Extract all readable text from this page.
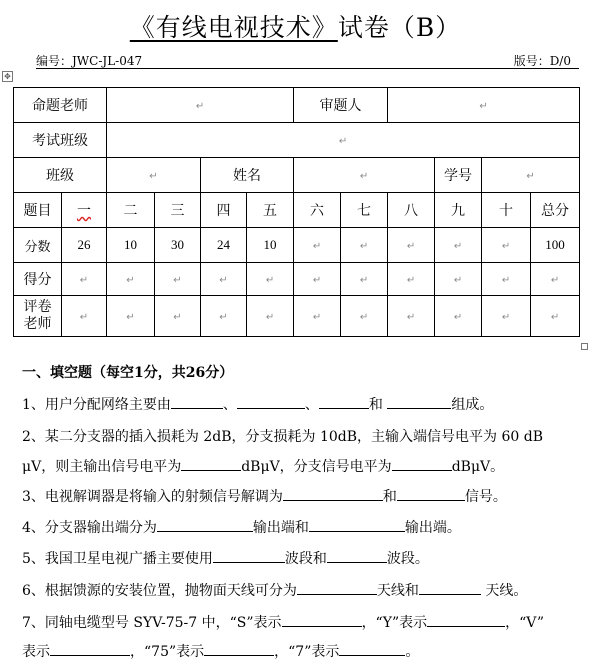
《有线电视技术》试卷（B）
编号：JWC-JL-047	版号：D/0
✥
命题老师		↵				审题人		↵			
考试班级		↵									
班级		↵		姓名		↵			学号	↵	
题目	一	二	三	四	五	六	七	八	九	十	总分
分数	26	10	30	24	10	↵	↵	↵	↵	↵	100
得分	↵	↵	↵	↵	↵	↵	↵	↵	↵	↵	↵
评卷
老师	↵	↵	↵	↵	↵	↵	↵	↵	↵	↵	↵
一、填空题（每空1分，共26分）
1、用户分配网络主要由	、	、	和	组成。
2、某二分支器的插入损耗为 2dB，分支损耗为 10dB，主输入端信号电平为 60 dB
μV，则主输出信号电平为	dBμV，分支信号电平为	dBμV。
3、电视解调器是将输入的射频信号解调为	和	信号。
4、分支器输出端分为	输出端和	输出端。
5、我国卫星电视广播主要使用	波段和	波段。
6、根据馈源的安装位置，抛物面天线可分为	天线和	天线。
7、同轴电缆型号 SYV-75-7 中，“S”表示	，“Y”表示	，“V”
表示	，“75”表示	，“7”表示	。
